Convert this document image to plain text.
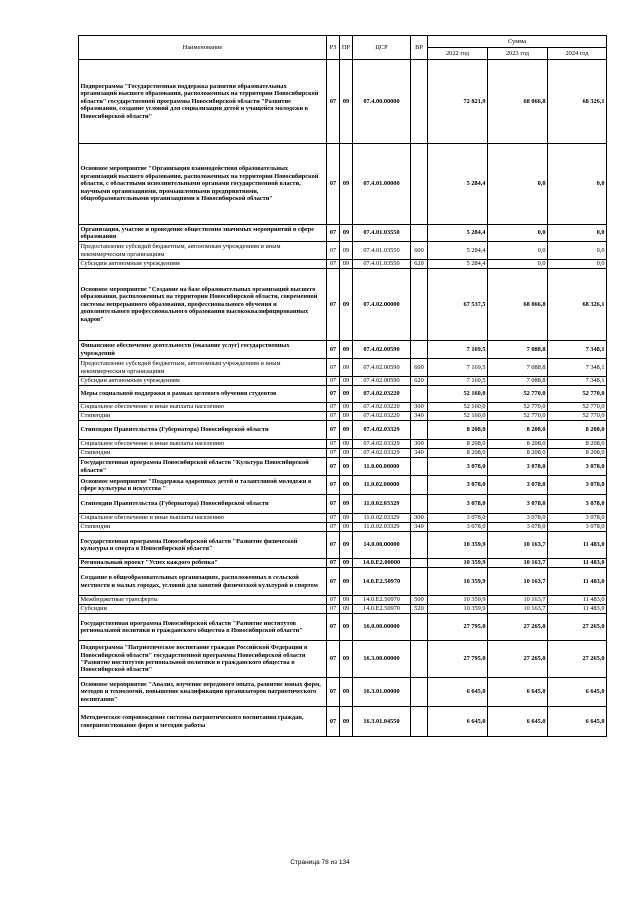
Наименование	РЗ	ПР	ЦСР	ВР	Сумма		
					2022 год	2023 год	2024 год
Подпрограмма "Государственная поддержка развития образовательных организаций высшего образования, расположенных на территории Новосибирской области" государственной программы Новосибирской области "Развитие образования, создание условий для социализации детей и учащейся молодежи в Новосибирской области"	07	09	07.4.00.00000		72 821,9	68 066,8	68 326,1
Основное мероприятие "Организация взаимодействия образовательных организаций высшего образования, расположенных на территории Новосибирской области, с областными исполнительными органами государственной власти, научными организациями, промышленными предприятиями, общеобразовательными организациями в Новосибирской области"	07	09	07.4.01.00000		5 284,4	0,0	0,0
Организация, участие и проведение общественно значимых мероприятий в сфере образования	07	09	07.4.01.03550		5 284,4	0,0	0,0
Предоставление субсидий бюджетным, автономным учреждениям и иным некоммерческим организациям	07	09	07.4.01.03550	600	5 284,4	0,0	0,0
Субсидии автономным учреждениям	07	09	07.4.01.03550	620	5 284,4	0,0	0,0
Основное мероприятие "Создание на базе образовательных организаций высшего образования, расположенных на территории Новосибирской области, современной системы непрерывного образования, профессионального обучения и дополнительного профессионального образования высококвалифицированных кадров"	07	09	07.4.02.00000		67 537,5	68 066,8	68 326,1
Финансовое обеспечение деятельности (оказание услуг) государственных учреждений	07	09	07.4.02.00590		7 169,5	7 088,8	7 348,1
Предоставление субсидий бюджетным, автономным учреждениям и иным некоммерческим организациям	07	09	07.4.02.00590	600	7 169,5	7 088,8	7 348,1
Субсидии автономным учреждениям	07	09	07.4.02.00590	620	7 169,5	7 088,8	7 348,1
Меры социальной поддержки в рамках целевого обучения студентов	07	09	07.4.02.03220		52 160,0	52 770,0	52 770,0
Социальное обеспечение и иные выплаты населению	07	09	07.4.02.03220	300	52 160,0	52 770,0	52 770,0
Стипендии	07	09	07.4.02.03220	340	52 160,0	52 770,0	52 770,0
Стипендии Правительства (Губернатора) Новосибирской области	07	09	07.4.02.03329		8 208,0	8 208,0	8 208,0
Социальное обеспечение и иные выплаты населению	07	09	07.4.02.03329	300	8 208,0	8 208,0	8 208,0
Стипендии	07	09	07.4.02.03329	340	8 208,0	8 208,0	8 208,0
Государственная программа Новосибирской области "Культура Новосибирской области"	07	09	11.0.00.00000		3 078,0	3 078,0	3 078,0
Основное мероприятие "Поддержка одаренных детей и талантливой молодежи в сфере культуры и искусства "	07	09	11.0.02.00000		3 078,0	3 078,0	3 078,0
Стипендии Правительства (Губернатора) Новосибирской области	07	09	11.0.02.03329		3 078,0	3 078,0	3 078,0
Социальное обеспечение и иные выплаты населению	07	09	11.0.02.03329	300	3 078,0	3 078,0	3 078,0
Стипендии	07	09	11.0.02.03329	340	3 078,0	3 078,0	3 078,0
Государственная программа Новосибирской области "Развитие физической культуры и спорта в Новосибирской области"	07	09	14.0.00.00000		10 359,9	10 163,7	11 483,0
Региональный проект "Успех каждого ребенка"	07	09	14.0.E2.00000		10 359,9	10 163,7	11 483,0
Создание в общеобразовательных организациях, расположенных в сельской местности и малых городах, условий для занятий физической культурой и спортом	07	09	14.0.E2.50970		10 359,9	10 163,7	11 483,0
Межбюджетные трансферты	07	09	14.0.E2.50970	500	10 359,9	10 163,7	11 483,0
Субсидии	07	09	14.0.E2.50970	520	10 359,9	10 163,7	11 483,0
Государственная программа Новосибирской области "Развитие институтов региональной политики и гражданского общества в Новосибирской области"	07	09	16.0.00.00000		27 795,0	27 265,0	27 265,0
Подпрограмма "Патриотическое воспитание граждан Российской Федерации в Новосибирской области" государственной программы Новосибирской области "Развитие институтов региональной политики и гражданского общества в Новосибирской области"	07	09	16.3.00.00000		27 795,0	27 265,0	27 265,0
Основное мероприятие "Анализ, изучение передового опыта, развитие новых форм, методов и технологий, повышение квалификации организаторов патриотического воспитания"	07	09	16.3.01.00000		6 645,0	6 645,0	6 645,0
Методическое сопровождение системы патриотического воспитания граждан, совершенствование форм и методов работы	07	09	16.3.01.04550		6 645,0	6 645,0	6 645,0
Страница 78 из 134
